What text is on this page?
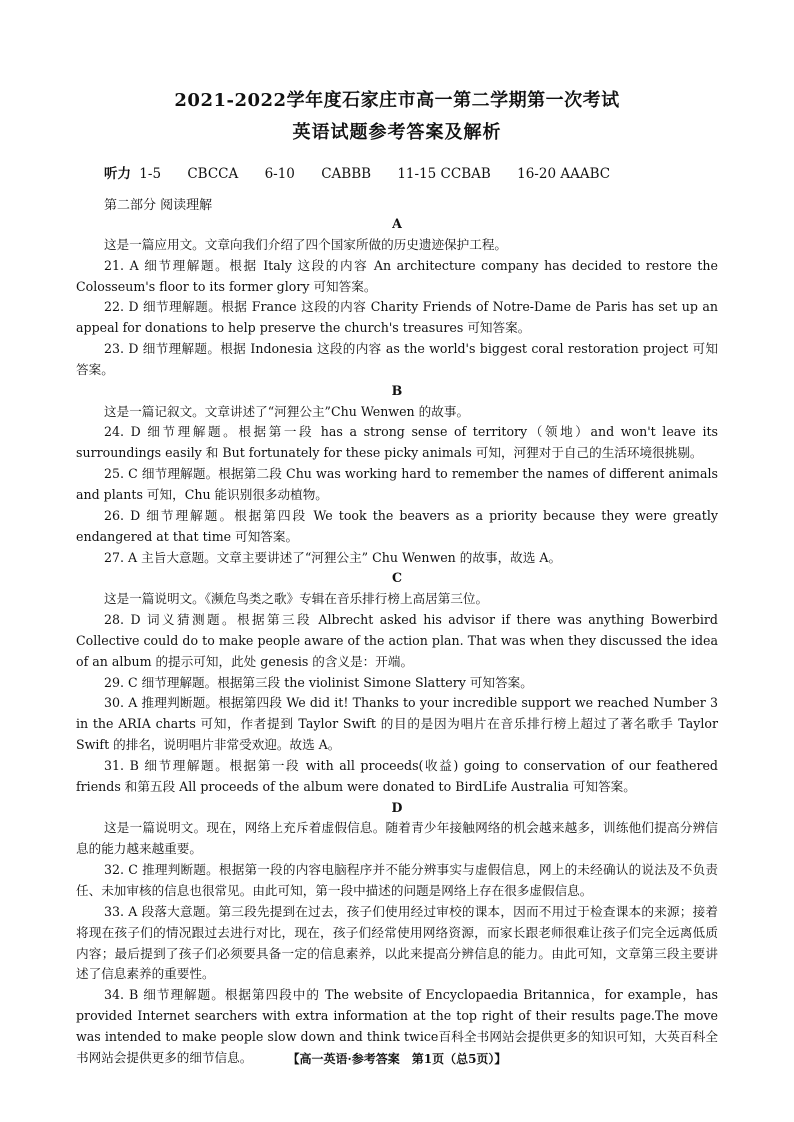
2021-2022学年度石家庄市高一第二学期第一次考试
英语试题参考答案及解析
听力 1-5 CBCCA 6-10 CABBB 11-15 CCBAB 16-20 AAABC
第二部分 阅读理解

A

这是一篇应用文。文章向我们介绍了四个国家所做的历史遗迹保护工程。

21. A 细节理解题。根据 Italy 这段的内容 An architecture company has decided to restore the Colosseum's floor to its former glory 可知答案。

22. D 细节理解题。根据 France 这段的内容 Charity Friends of Notre-Dame de Paris has set up an appeal for donations to help preserve the church's treasures 可知答案。

23. D 细节理解题。根据 Indonesia 这段的内容 as the world's biggest coral restoration project 可知答案。

B

这是一篇记叙文。文章讲述了“河狸公主”Chu Wenwen 的故事。

24. D 细节理解题。根据第一段 has a strong sense of territory（领地）and won't leave its surroundings easily 和 But fortunately for these picky animals 可知，河狸对于自己的生活环境很挑剔。

25. C 细节理解题。根据第二段 Chu was working hard to remember the names of different animals and plants 可知，Chu 能识别很多动植物。

26. D 细节理解题。根据第四段 We took the beavers as a priority because they were greatly endangered at that time 可知答案。

27. A 主旨大意题。文章主要讲述了“河狸公主” Chu Wenwen 的故事，故选 A。

C

这是一篇说明文。《濒危鸟类之歌》专辑在音乐排行榜上高居第三位。

28. D 词义猜测题。根据第三段 Albrecht asked his advisor if there was anything Bowerbird Collective could do to make people aware of the action plan. That was when they discussed the idea of an album 的提示可知，此处 genesis 的含义是：开端。

29. C 细节理解题。根据第三段 the violinist Simone Slattery 可知答案。

30. A 推理判断题。根据第四段 We did it! Thanks to your incredible support we reached Number 3 in the ARIA charts 可知，作者提到 Taylor Swift 的目的是因为唱片在音乐排行榜上超过了著名歌手 Taylor Swift 的排名，说明唱片非常受欢迎。故选 A。

31. B 细节理解题。根据第一段 with all proceeds(收益) going to conservation of our feathered friends 和第五段 All proceeds of the album were donated to BirdLife Australia 可知答案。

D

这是一篇说明文。现在，网络上充斥着虚假信息。随着青少年接触网络的机会越来越多，训练他们提高分辨信息的能力越来越重要。

32. C 推理判断题。根据第一段的内容电脑程序并不能分辨事实与虚假信息，网上的未经确认的说法及不负责任、未加审核的信息也很常见。由此可知，第一段中描述的问题是网络上存在很多虚假信息。

33. A 段落大意题。第三段先提到在过去，孩子们使用经过审校的课本，因而不用过于检查课本的来源；接着将现在孩子们的情况跟过去进行对比，现在，孩子们经常使用网络资源，而家长跟老师很难让孩子们完全远离低质内容；最后提到了孩子们必须要具备一定的信息素养，以此来提高分辨信息的能力。由此可知，文章第三段主要讲述了信息素养的重要性。

34. B 细节理解题。根据第四段中的 The website of Encyclopaedia Britannica，for example，has provided Internet searchers with extra information at the top right of their results page.The move was intended to make people slow down and think twice百科全书网站会提供更多的知识可知，大英百科全书网站会提供更多的细节信息。	【高一英语·参考答案　第1页（总5页）】
